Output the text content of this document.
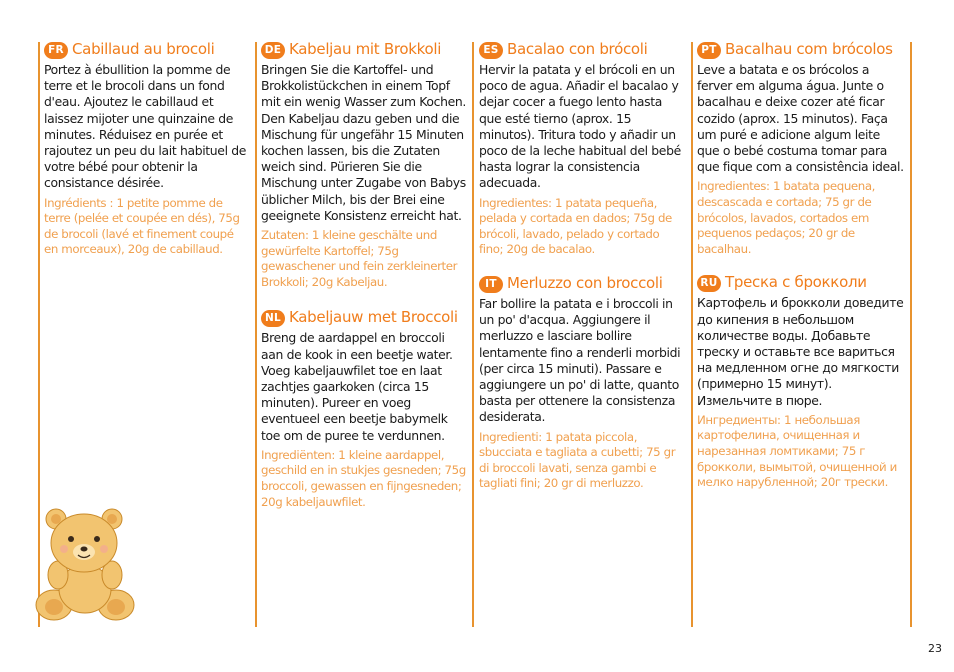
FR Cabillaud au brocoli

Portez à ébullition la pomme de terre et le brocoli dans un fond d'eau. Ajoutez le cabillaud et laissez mijoter une quinzaine de minutes. Réduisez en purée et rajoutez un peu du lait habituel de votre bébé pour obtenir la consistance désirée.

Ingrédients : 1 petite pomme de terre (pelée et coupée en dés), 75g de brocoli (lavé et finement coupé en morceaux), 20g de cabillaud.

DE Kabeljau mit Brokkoli

Bringen Sie die Kartoffel- und Brokkolistückchen in einem Topf mit ein wenig Wasser zum Kochen. Den Kabeljau dazu geben und die Mischung für ungefähr 15 Minuten kochen lassen, bis die Zutaten weich sind. Pürieren Sie die Mischung unter Zugabe von Babys üblicher Milch, bis der Brei eine geeignete Konsistenz erreicht hat.

Zutaten: 1 kleine geschälte und gewürfelte Kartoffel; 75g gewaschener und fein zerkleinerter Brokkoli; 20g Kabeljau.

NL Kabeljauw met Broccoli

Breng de aardappel en broccoli aan de kook in een beetje water. Voeg kabeljauwfilet toe en laat zachtjes gaarkoken (circa 15 minuten). Pureer en voeg eventueel een beetje babymelk toe om de puree te verdunnen.

Ingrediënten: 1 kleine aardappel, geschild en in stukjes gesneden; 75g broccoli, gewassen en fijngesneden; 20g kabeljauwfilet.

ES Bacalao con brócoli

Hervir la patata y el brócoli en un poco de agua. Añadir el bacalao y dejar cocer a fuego lento hasta que esté tierno (aprox. 15 minutos). Tritura todo y añadir un poco de la leche habitual del bebé hasta lograr la consistencia adecuada.

Ingredientes: 1 patata pequeña, pelada y cortada en dados; 75g de brócoli, lavado, pelado y cortado fino; 20g de bacalao.

IT Merluzzo con broccoli

Far bollire la patata e i broccoli in un po' d'acqua. Aggiungere il merluzzo e lasciare bollire lentamente fino a renderli morbidi (per circa 15 minuti). Passare e aggiungere un po' di latte, quanto basta per ottenere la consistenza desiderata.

Ingredienti: 1 patata piccola, sbucciata e tagliata a cubetti; 75 gr di broccoli lavati, senza gambi e tagliati fini; 20 gr di merluzzo.

PT Bacalhau com brócolos

Leve a batata e os brócolos a ferver em alguma água. Junte o bacalhau e deixe cozer até ficar cozido (aprox. 15 minutos). Faça um puré e adicione algum leite que o bebé costuma tomar para que fique com a consistência ideal.

Ingredientes: 1 batata pequena, descascada e cortada; 75 gr de brócolos, lavados, cortados em pequenos pedaços; 20 gr de bacalhau.

RU Треска с брокколи

Картофель и брокколи доведите до кипения в небольшом количестве воды. Добавьте треску и оставьте все вариться на медленном огне до мягкости (примерно 15 минут). Измельчите в пюре.

Ингредиенты: 1 небольшая картофелина, очищенная и нарезанная ломтиками; 75 г брокколи, вымытой, очищенной и мелко нарубленной; 20г трески.

23
